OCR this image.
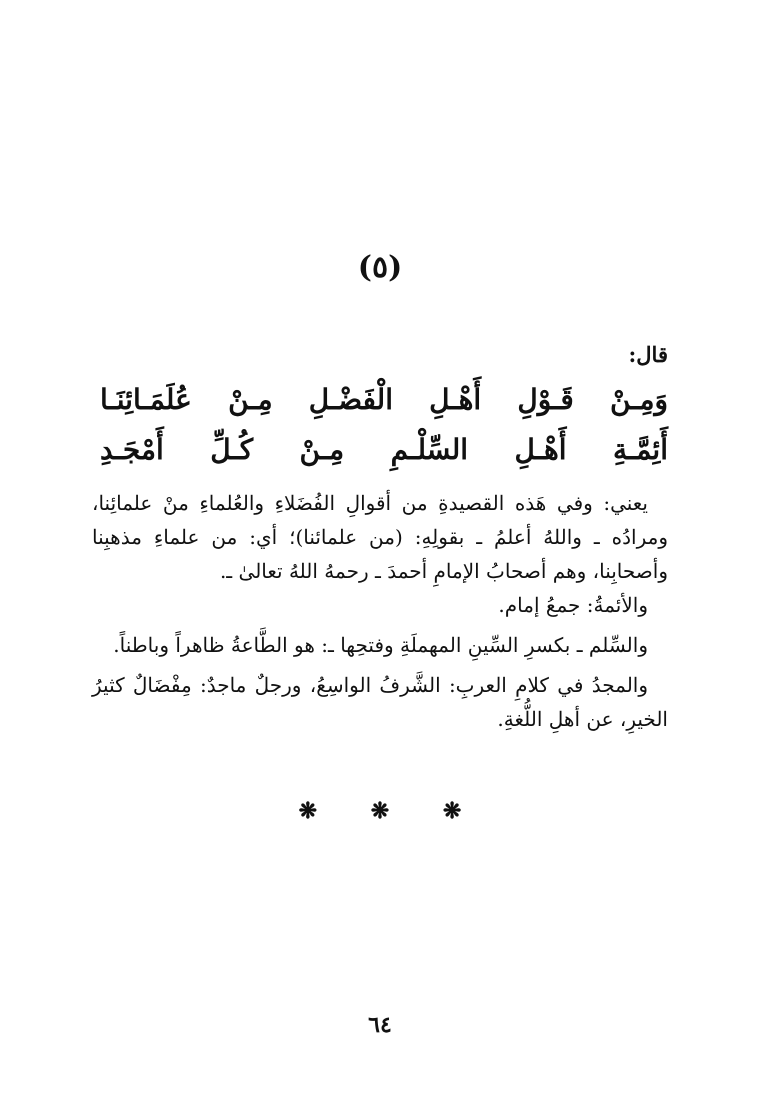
(٥)
قال:
وَمِـنْ قَـوْلِ أَهْـلِ الْفَضْـلِ مِـنْ عُلَمَـائِنَـا
أَئِمَّـةِ أَهْـلِ السِّلْـمِ مِـنْ كُـلِّ أَمْجَـدِ

يعني: وفي هَذه القصيدةِ من أقوالِ الفُضَلاءِ والعُلماءِ منْ علمائِنا، ومرادُه ـ واللهُ أعلمُ ـ بقولِهِ: (من علمائنا)؛ أي: من علماءِ مذهبِنا وأصحابِنا، وهم أصحابُ الإمامِ أحمدَ ـ رحمهُ اللهُ تعالىٰ ـ.

والأئمةُ: جمعُ إمام.

والسِّلم ـ بكسرِ السِّينِ المهملَةِ وفتحِها ـ: هو الطَّاعةُ ظاهراً وباطناً.

والمجدُ في كلامِ العربِ: الشَّرفُ الواسِعُ، ورجلٌ ماجدٌ: مِفْضَالٌ كثيرُ الخيرِ، عن أهلِ اللُّغةِ.

❋ ❋ ❋
٦٤
